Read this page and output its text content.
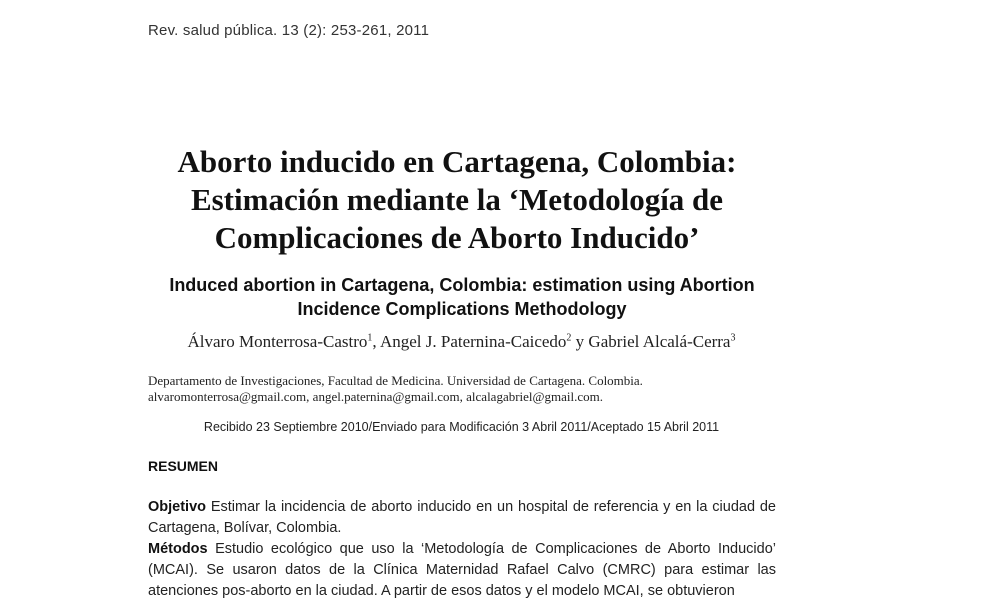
Rev. salud pública. 13 (2): 253-261, 2011
Aborto inducido en Cartagena, Colombia:
Estimación mediante la ‘Metodología de
Complicaciones de Aborto Inducido’
Induced abortion in Cartagena, Colombia: estimation using Abortion
Incidence Complications Methodology
Álvaro Monterrosa-Castro$^1$, Angel J. Paternina-Caicedo$^2$ y Gabriel Alcalá-Cerra$^3$
Departamento de Investigaciones, Facultad de Medicina. Universidad de Cartagena. Colombia.
alvaromonterrosa@gmail.com, angel.paternina@gmail.com, alcalagabriel@gmail.com.
Recibido 23 Septiembre 2010/Enviado para Modificación 3 Abril 2011/Aceptado 15 Abril 2011
RESUMEN

Objetivo Estimar la incidencia de aborto inducido en un hospital de referencia y en la ciudad de Cartagena, Bolívar, Colombia.

Métodos Estudio ecológico que uso la ‘Metodología de Complicaciones de Aborto Inducido’ (MCAI). Se usaron datos de la Clínica Maternidad Rafael Calvo (CMRC) para estimar las atenciones pos-aborto en la ciudad. A partir de esos datos y el modelo MCAI, se obtuvieron
